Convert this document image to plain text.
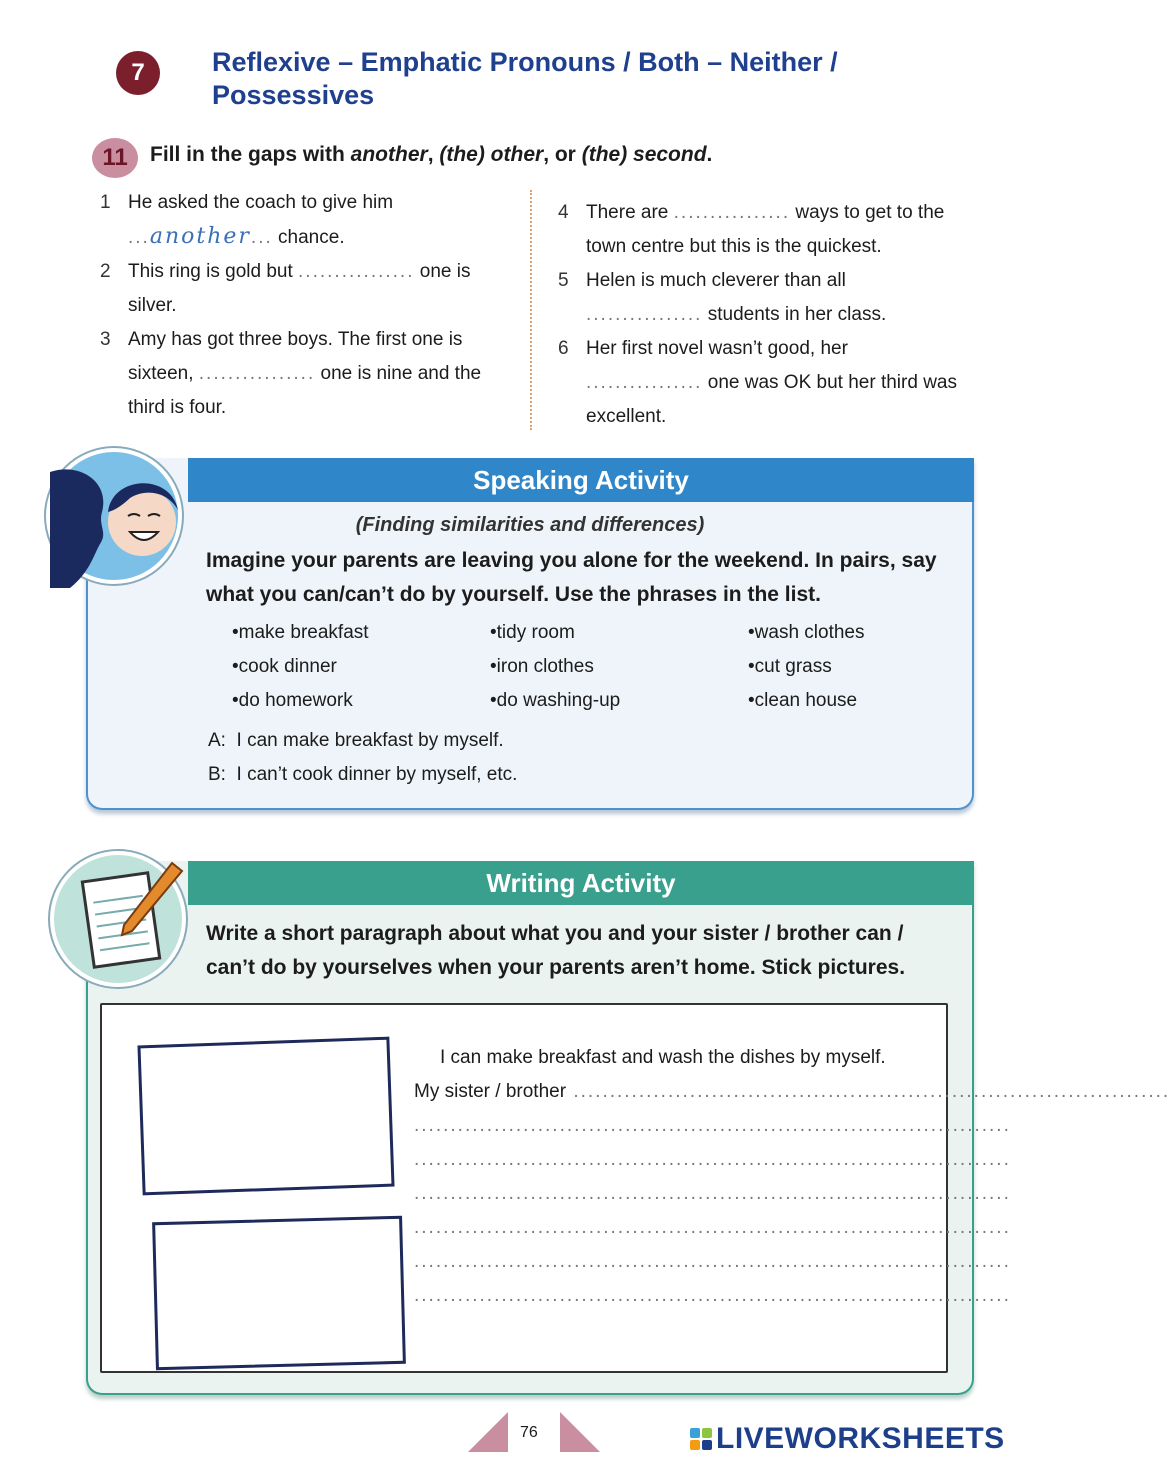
7 Reflexive – Emphatic Pronouns / Both – Neither / Possessives
11 Fill in the gaps with another, (the) other, or (the) second.
1 He asked the coach to give him
...another... chance.
2 This ring is gold but ................ one is silver.
3 Amy has got three boys. The first one is sixteen, ................ one is nine and the third is four.
4 There are ................ ways to get to the town centre but this is the quickest.
5 Helen is much cleverer than all
................ students in her class.
6 Her first novel wasn’t good, her
................ one was OK but her third was excellent.
Speaking Activity
(Finding similarities and differences)
Imagine your parents are leaving you alone for the weekend. In pairs, say what you can/can’t do by yourself. Use the phrases in the list.
• make breakfast	• tidy room	• wash clothes
• cook dinner	• iron clothes	• cut grass
• do homework	• do washing-up	• clean house
A: I can make breakfast by myself.
B: I can’t cook dinner by myself, etc.
Writing Activity
Write a short paragraph about what you and your sister / brother can / can’t do by yourselves when your parents aren’t home. Stick pictures.
I can make breakfast and wash the dishes by myself.
My sister / brother ..................................................................................
..................................................................................
..................................................................................
..................................................................................
..................................................................................
..................................................................................
..................................................................................
76	LIVEWORKSHEETS
